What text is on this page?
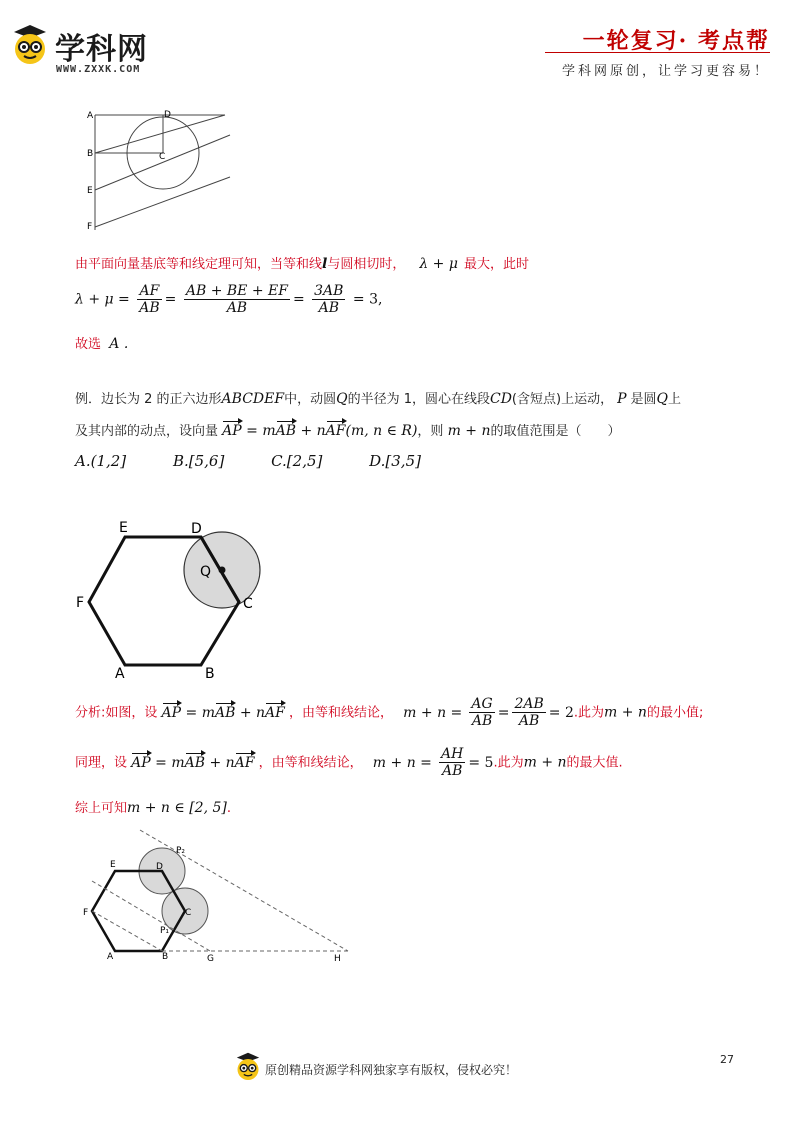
学科网
WWW.ZXXK.COM
一轮复习· 考点帮
学科网原创，让学习更容易！
A
B
E
F
D
C
由平面向量基底等和线定理可知，当等和线l与圆相切时， λ + μ 最大，此时
$\lambda + \mu = \frac{AF}{AB} = \frac{AB + BE + EF}{AB} = \frac{3AB}{AB} = 3$,
故选 A .
例．边长为 2 的正六边形ABCDEF中，动圆Q的半径为 1，圆心在线段CD(含短点)上运动， P 是圆Q上
及其内部的动点，设向量 AP = mAB + nAF(m, n ∈ R)，则 m + n的取值范围是（　　）
A.(1,2]	B.[5,6]	C.[2,5]	D.[3,5]
E	D
Q
F	C
A	B
分析:如图，设 AP = mAB + nAF ，由等和线结论， $m + n = \frac{AG}{AB} = \frac{2AB}{AB} = 2$.此为m + n的最小值;
同理，设 AP = mAB + nAF ，由等和线结论， $m + n = \frac{AH}{AB} = 5$.此为m + n的最大值.
综上可知m + n ∈ [2, 5].
E	D
P₂
F	C
P₁
A	B	G	H
原创精品资源学科网独家享有版权，侵权必究！
27
